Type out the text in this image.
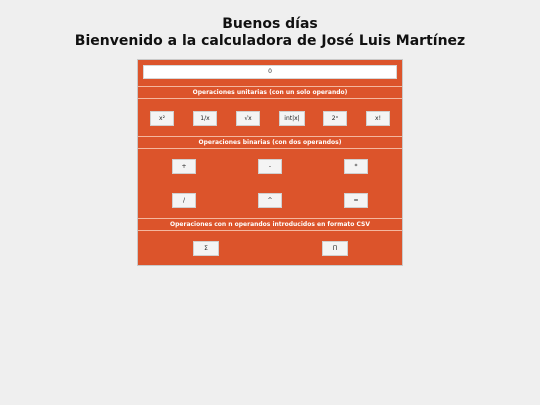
Buenos días
Bienvenido a la calculadora de José Luis Martínez
0
Operaciones unitarias (con un solo operando)
x²	1/x	√x	int|x|	2ˣ	x!
Operaciones binarias (con dos operandos)
+	-	*
/	^	=
Operaciones con n operandos introducidos en formato CSV
Σ	Π
